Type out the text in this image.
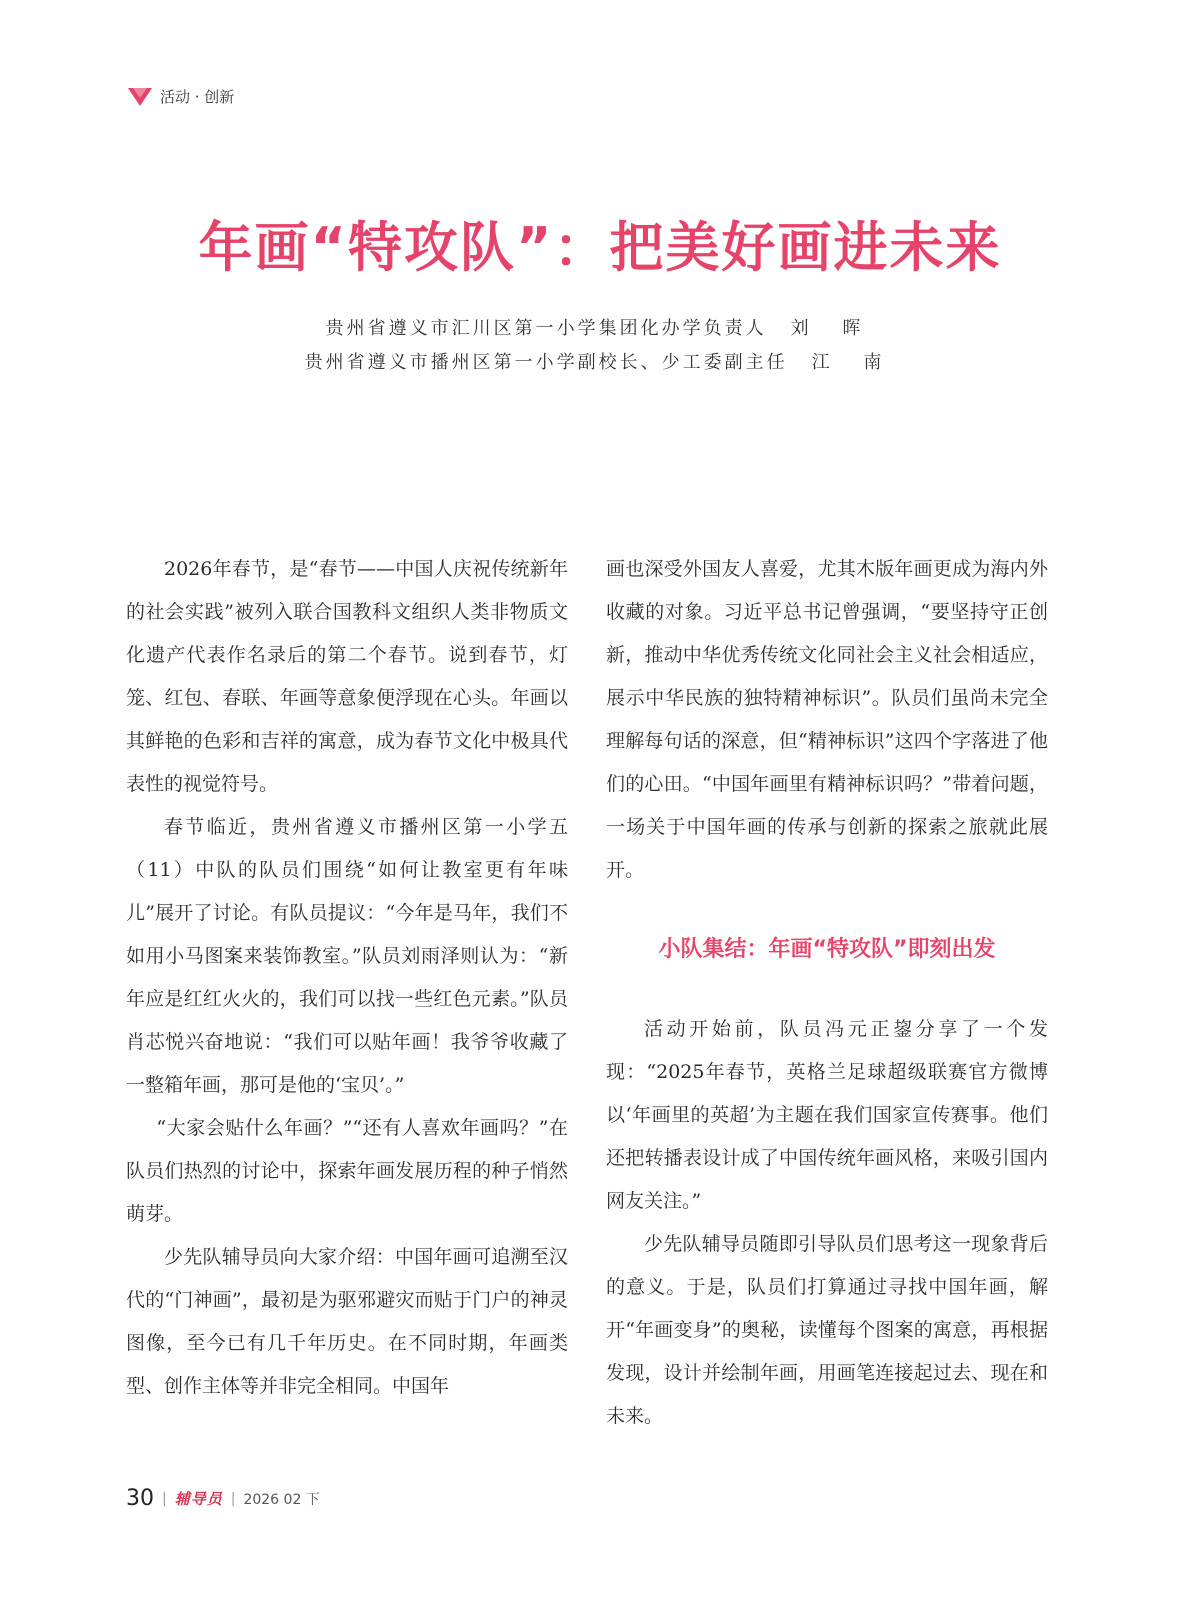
活动 · 创新
年画“特攻队”：把美好画进未来
贵州省遵义市汇川区第一小学集团化办学负责人 刘 晖
贵州省遵义市播州区第一小学副校长、少工委副主任 江 南

2026年春节，是“春节——中国人庆祝传统新年的社会实践”被列入联合国教科文组织人类非物质文化遗产代表作名录后的第二个春节。说到春节，灯笼、红包、春联、年画等意象便浮现在心头。年画以其鲜艳的色彩和吉祥的寓意，成为春节文化中极具代表性的视觉符号。

春节临近，贵州省遵义市播州区第一小学五（11）中队的队员们围绕“如何让教室更有年味儿”展开了讨论。有队员提议：“今年是马年，我们不如用小马图案来装饰教室。”队员刘雨泽则认为：“新年应是红红火火的，我们可以找一些红色元素。”队员肖芯悦兴奋地说：“我们可以贴年画！我爷爷收藏了一整箱年画，那可是他的‘宝贝’。”

“大家会贴什么年画？”“还有人喜欢年画吗？”在队员们热烈的讨论中，探索年画发展历程的种子悄然萌芽。

少先队辅导员向大家介绍：中国年画可追溯至汉代的“门神画”，最初是为驱邪避灾而贴于门户的神灵图像，至今已有几千年历史。在不同时期，年画类型、创作主体等并非完全相同。中国年

画也深受外国友人喜爱，尤其木版年画更成为海内外收藏的对象。习近平总书记曾强调，“要坚持守正创新，推动中华优秀传统文化同社会主义社会相适应，展示中华民族的独特精神标识”。队员们虽尚未完全理解每句话的深意，但“精神标识”这四个字落进了他们的心田。“中国年画里有精神标识吗？”带着问题，一场关于中国年画的传承与创新的探索之旅就此展开。

小队集结：年画“特攻队”即刻出发

活动开始前，队员冯元正鋆分享了一个发现：“2025年春节，英格兰足球超级联赛官方微博以‘年画里的英超’为主题在我们国家宣传赛事。他们还把转播表设计成了中国传统年画风格，来吸引国内网友关注。”

少先队辅导员随即引导队员们思考这一现象背后的意义。于是，队员们打算通过寻找中国年画，解开“年画变身”的奥秘，读懂每个图案的寓意，再根据发现，设计并绘制年画，用画笔连接起过去、现在和未来。

30 | 辅导员 | 2026 02 下
